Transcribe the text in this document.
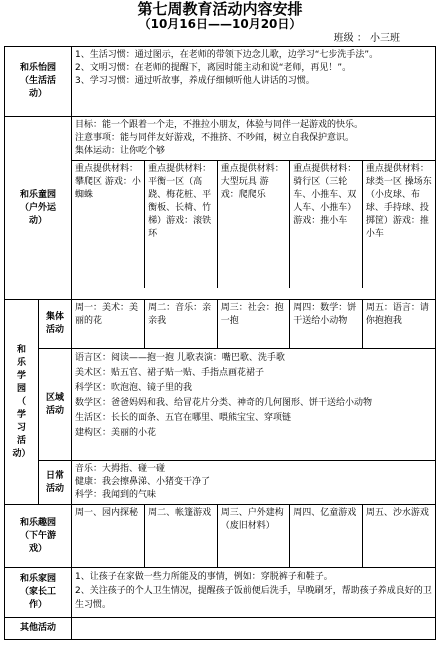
第七周教育活动内容安排
（10月16日——10月20日）
班级 ： 小三班
和乐怡园
（生活活
动）

1、生活习惯：通过图示，在老师的带领下边念儿歌，边学习“七步洗手法”。

2、文明习惯：在老师的提醒下，离园时能主动和说“老师，再见！”。

3、学习习惯：通过听故事，养成仔细倾听他人讲话的习惯。

和乐童园
（户外运
动）

目标：能一个跟着一个走，不推拉小朋友，体验与同伴一起游戏的快乐。

注意事项：能与同伴友好游戏，不推挤、不吵闹，树立自我保护意识。

集体运动：让你吃个够

重点提供材料：攀爬区 游戏：小蜘蛛	重点提供材料：平衡一区（高跷、梅花桩、平衡板、长椅、竹梯）游戏：滚铁环	重点提供材料：大型玩具 游戏：爬爬乐	重点提供材料：骑行区（三轮车、小推车、双人车、小推车）游戏：推小车	重点提供材料：球类一区 操场东（小皮球、布球、手持球、投掷筐）游戏：推小车

和
乐
学
园
（
学
习
活
动）

集体
活动

周一：美术：美丽的花	周二：音乐：亲亲我	周三：社会：抱一抱	周四：数学：饼干送给小动物	周五：语言：请你抱抱我

区域
活动

语言区：阅读——抱一抱 儿歌表演：嘴巴歌、洗手歌

美术区：贴五官、裙子贴一贴、手指点画花裙子

科学区：吹泡泡、镜子里的我

数学区：爸爸妈妈和我、给冒花片分类、神奇的几何图形、饼干送给小动物

生活区：长长的面条、五官在哪里、喂熊宝宝、穿项链

建构区：美丽的小花

日常
活动

音乐：大拇指、碰一碰

健康：我会擦鼻涕、小猪变干净了

科学：我闻到的气味

和乐趣园
（下午游
戏）

周一、园内探秘	周二、帐篷游戏	周三、户外建构（废旧材料）	周四、亿童游戏	周五、沙水游戏

和乐家园
（家长工
作）

1、让孩子在家做一些力所能及的事情，例如：穿脱裤子和鞋子。

2、关注孩子的个人卫生情况，提醒孩子饭前便后洗手，早晚刷牙，帮助孩子养成良好的卫生习惯。

其他活动	
